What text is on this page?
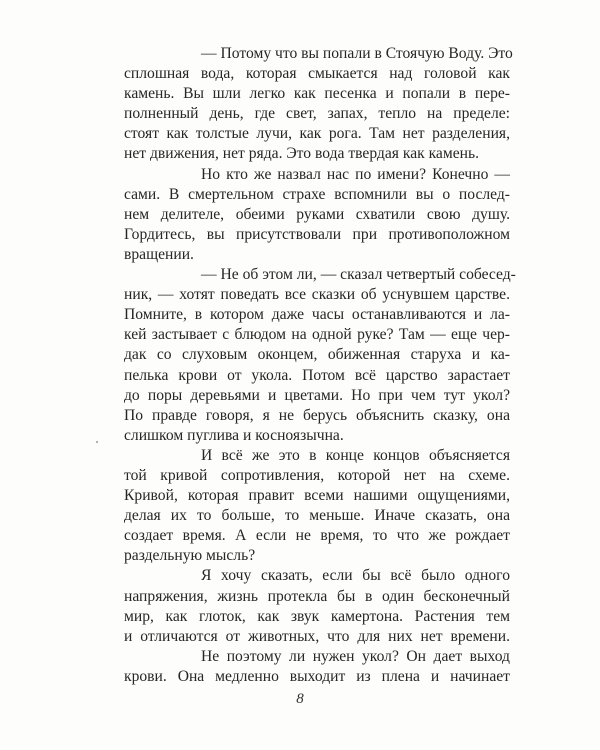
— Потому что вы попали в Стоячую Воду. Это
сплошная вода, которая смыкается над головой как
камень. Вы шли легко как песенка и попали в пере-
полненный день, где свет, запах, тепло на пределе:
стоят как толстые лучи, как рога. Там нет разделения,
нет движения, нет ряда. Это вода твердая как камень.
Но кто же назвал нас по имени? Конечно —
сами. В смертельном страхе вспомнили вы о послед-
нем делителе, обеими руками схватили свою душу.
Гордитесь, вы присутствовали при противоположном
вращении.
— Не об этом ли, — сказал четвертый собесед-
ник, — хотят поведать все сказки об уснувшем царстве.
Помните, в котором даже часы останавливаются и ла-
кей застывает с блюдом на одной руке? Там — еще чер-
дак со слуховым оконцем, обиженная старуха и ка-
пелька крови от укола. Потом всё царство зарастает
до поры деревьями и цветами. Но при чем тут укол?
По правде говоря, я не берусь объяснить сказку, она
слишком пуглива и косноязычна.
И всё же это в конце концов объясняется
той кривой сопротивления, которой нет на схеме.
Кривой, которая правит всеми нашими ощущениями,
делая их то больше, то меньше. Иначе сказать, она
создает время. А если не время, то что же рождает
раздельную мысль?
Я хочу сказать, если бы всё было одного
напряжения, жизнь протекла бы в один бесконечный
мир, как глоток, как звук камертона. Растения тем
и отличаются от животных, что для них нет времени.
Не поэтому ли нужен укол? Он дает выход
крови. Она медленно выходит из плена и начинает
8
